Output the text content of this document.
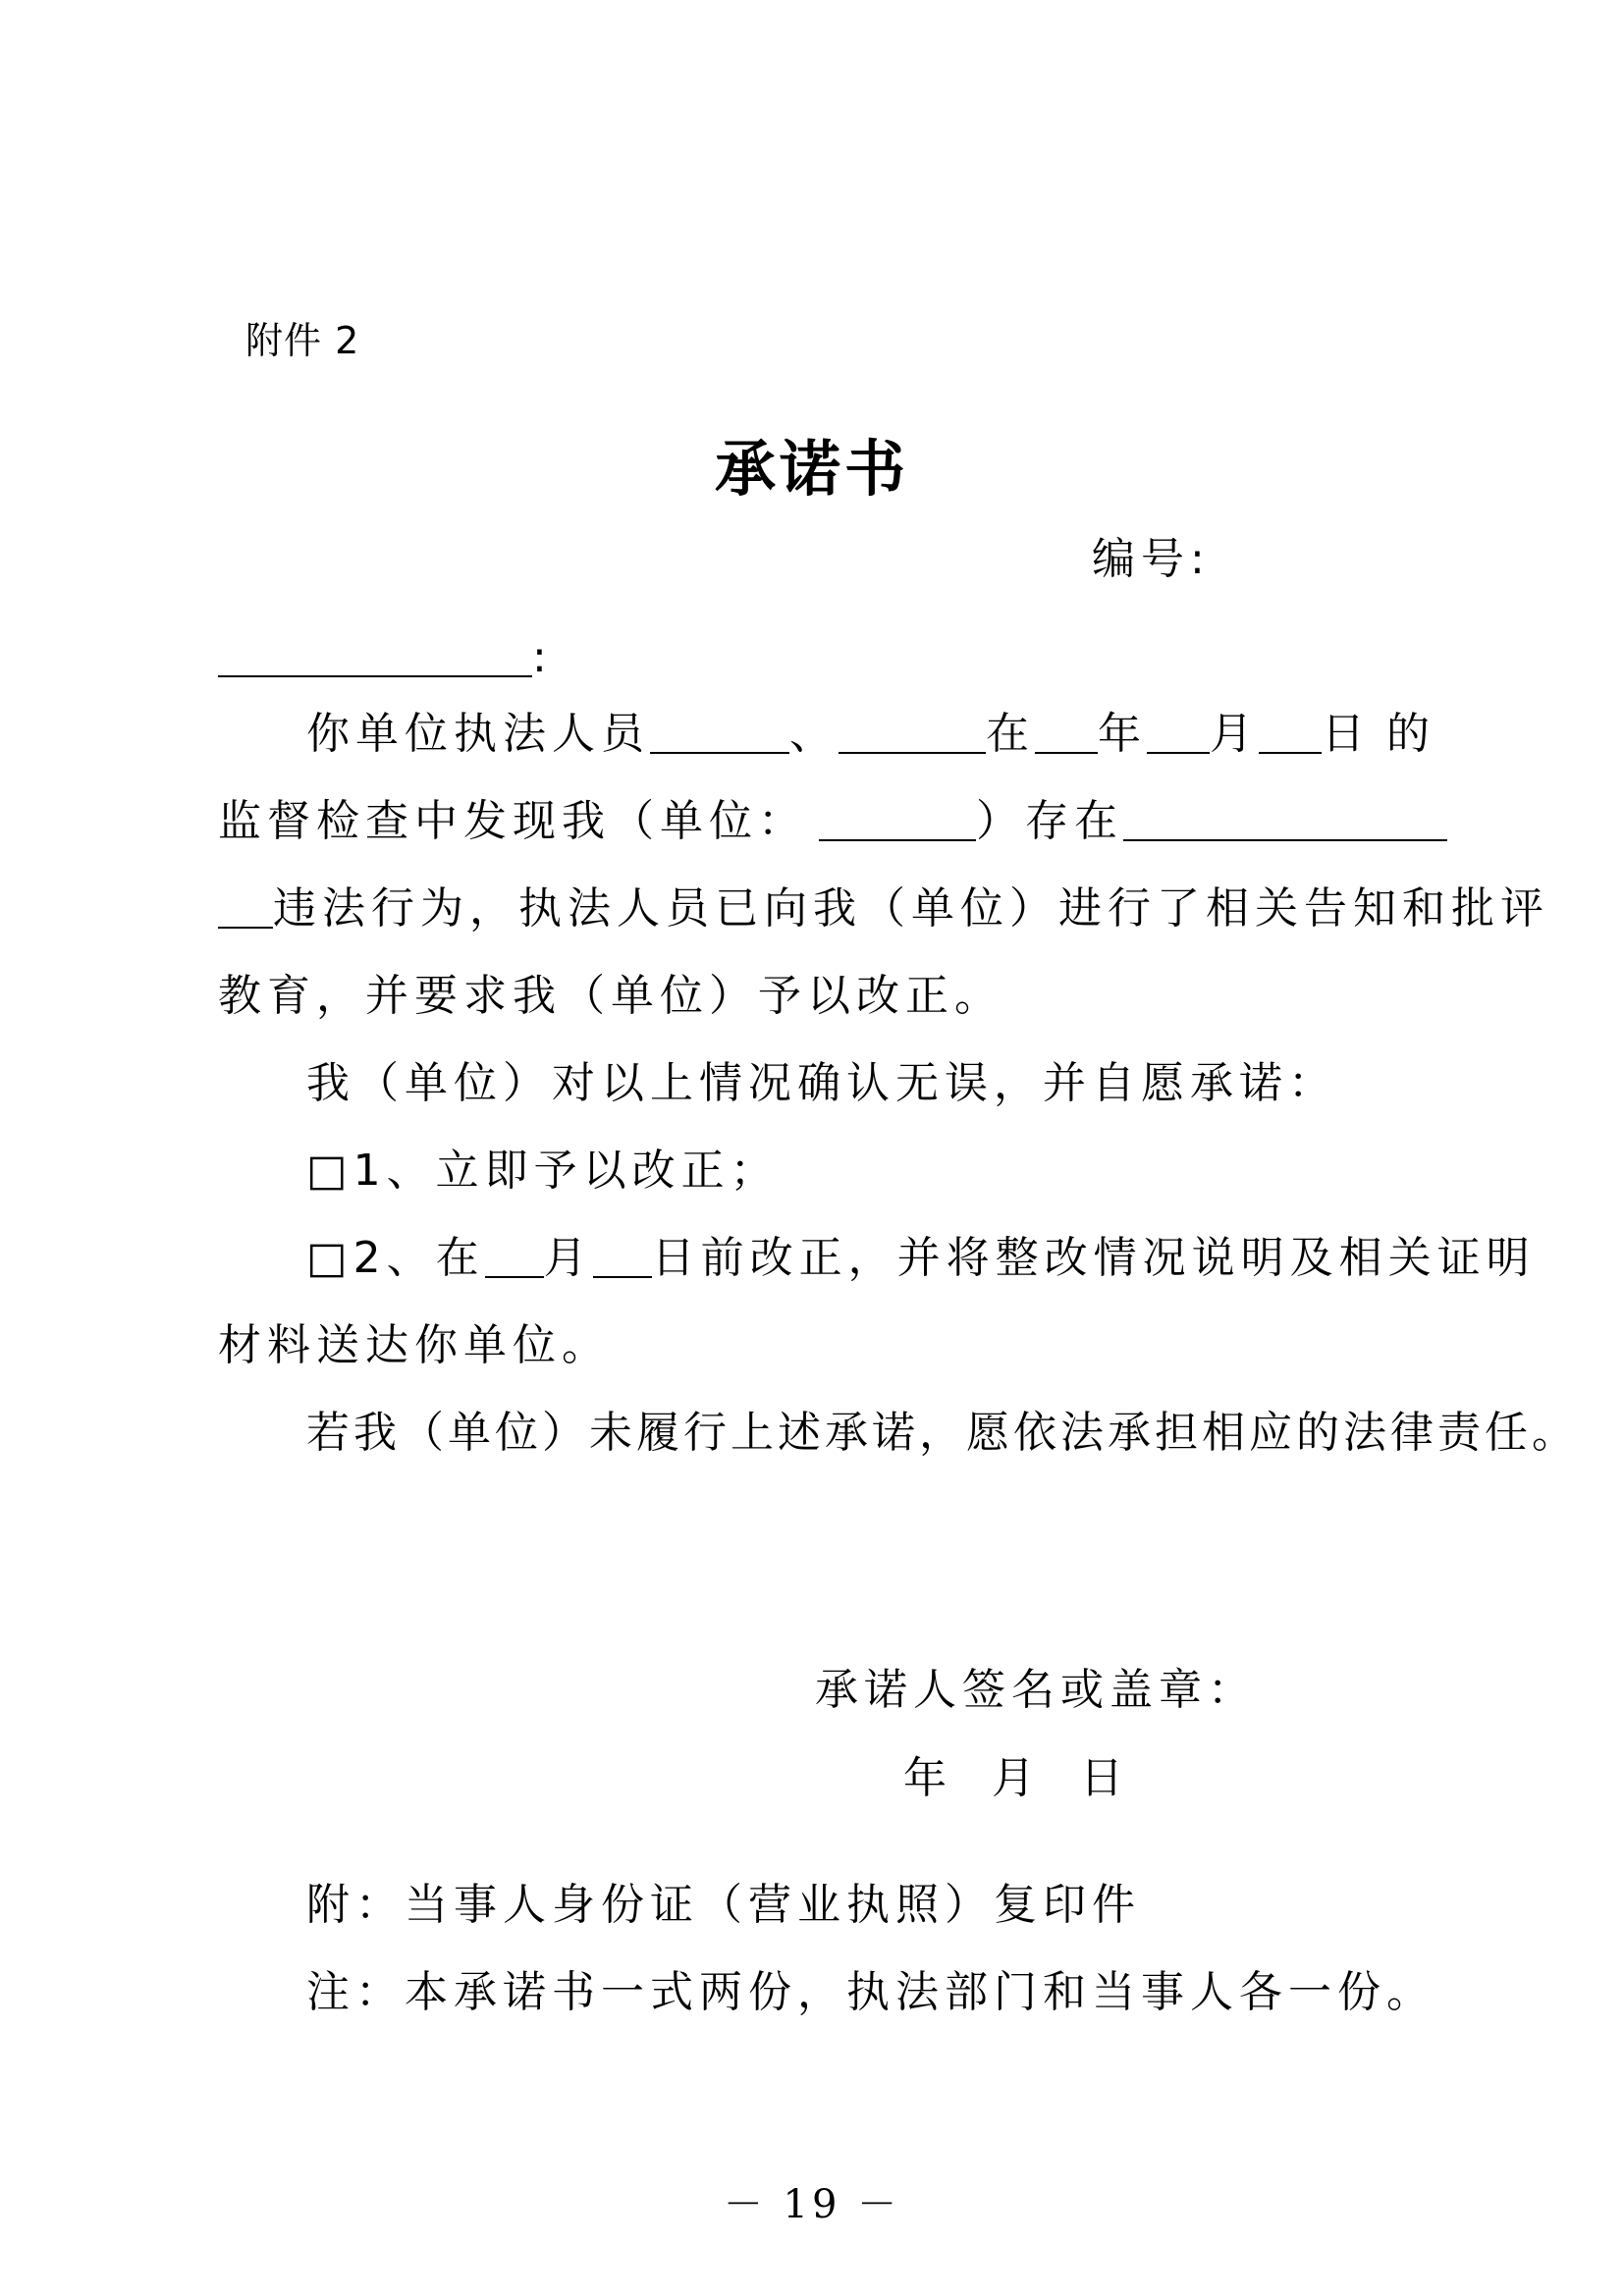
附件 2
承诺书
编号:
:
你单位执法人员	、	在 年 月 日 的
监督检查中发现我（单位：	）存在
违法行为，执法人员已向我（单位）进行了相关告知和批评
教育，并要求我（单位）予以改正。
我（单位）对以上情况确认无误，并自愿承诺：
□1、立即予以改正；
□2、在 月 日前改正，并将整改情况说明及相关证明
材料送达你单位。
若我（单位）未履行上述承诺，愿依法承担相应的法律责任。
承诺人签名或盖章：
年  月  日
附：当事人身份证（营业执照）复印件
注：本承诺书一式两份，执法部门和当事人各一份。
－ 19 －
